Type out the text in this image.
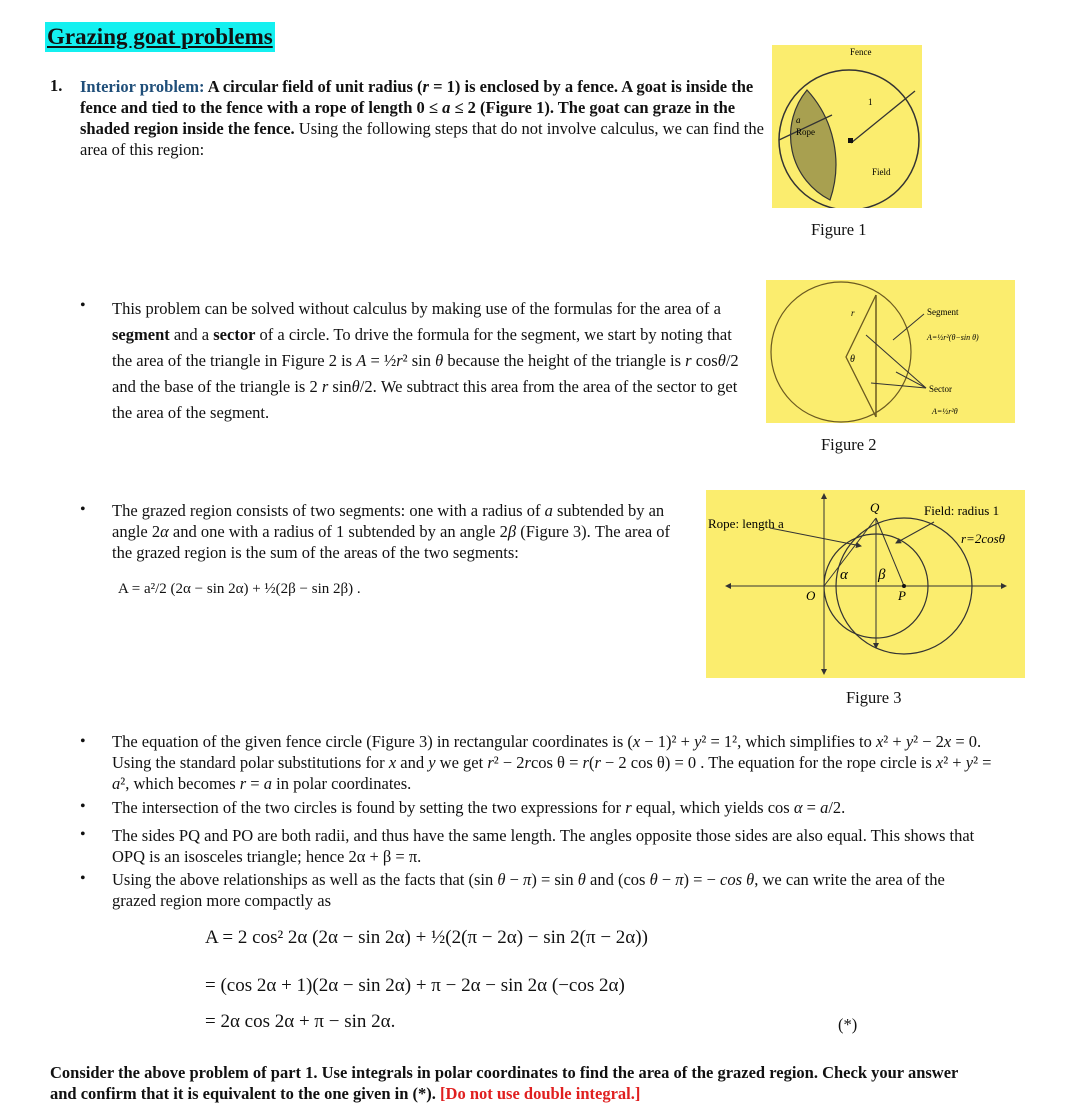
Grazing goat problems
1. Interior problem: A circular field of unit radius (r = 1) is enclosed by a fence. A goat is inside the fence and tied to the fence with a rope of length 0 ≤ a ≤ 2 (Figure 1). The goat can graze in the shaded region inside the fence. Using the following steps that do not involve calculus, we can find the area of this region:
Fence
a
Rope
1
Field
Figure 1
• This problem can be solved without calculus by making use of the formulas for the area of a segment and a sector of a circle. To drive the formula for the segment, we start by noting that the area of the triangle in Figure 2 is A = ½r² sin θ because the height of the triangle is r cosθ/2 and the base of the triangle is 2 r sinθ/2. We subtract this area from the area of the sector to get the area of the segment.
r
θ
Segment
A=½r²(θ−sin θ)
Sector
A=½r²θ
Figure 2
• The grazed region consists of two segments: one with a radius of a subtended by an angle 2α and one with a radius of 1 subtended by an angle 2β (Figure 3). The area of the grazed region is the sum of the areas of the two segments:
A = a²/2 (2α − sin 2α) + ½(2β − sin 2β) .
Rope: length a
Field: radius 1
r=2cosθ
Q
O	P
α β
Figure 3
• The equation of the given fence circle (Figure 3) in rectangular coordinates is (x − 1)² + y² = 1², which simplifies to x² + y² − 2x = 0. Using the standard polar substitutions for x and y we get r² − 2rcos θ = r(r − 2 cos θ) = 0 . The equation for the rope circle is x² + y² = a², which becomes r = a in polar coordinates.
• The intersection of the two circles is found by setting the two expressions for r equal, which yields cos α = a/2.
• The sides PQ and PO are both radii, and thus have the same length. The angles opposite those sides are also equal. This shows that OPQ is an isosceles triangle; hence 2α + β = π.
• Using the above relationships as well as the facts that (sin θ − π) = sin θ and (cos θ − π) = − cos θ, we can write the area of the grazed region more compactly as
A = 2 cos² 2α (2α − sin 2α) + ½(2(π − 2α) − sin 2(π − 2α))
= (cos 2α + 1)(2α − sin 2α) + π − 2α − sin 2α (−cos 2α)
= 2α cos 2α + π − sin 2α.	(*)
Consider the above problem of part 1. Use integrals in polar coordinates to find the area of the grazed region. Check your answer and confirm that it is equivalent to the one given in (*). [Do not use double integral.]
